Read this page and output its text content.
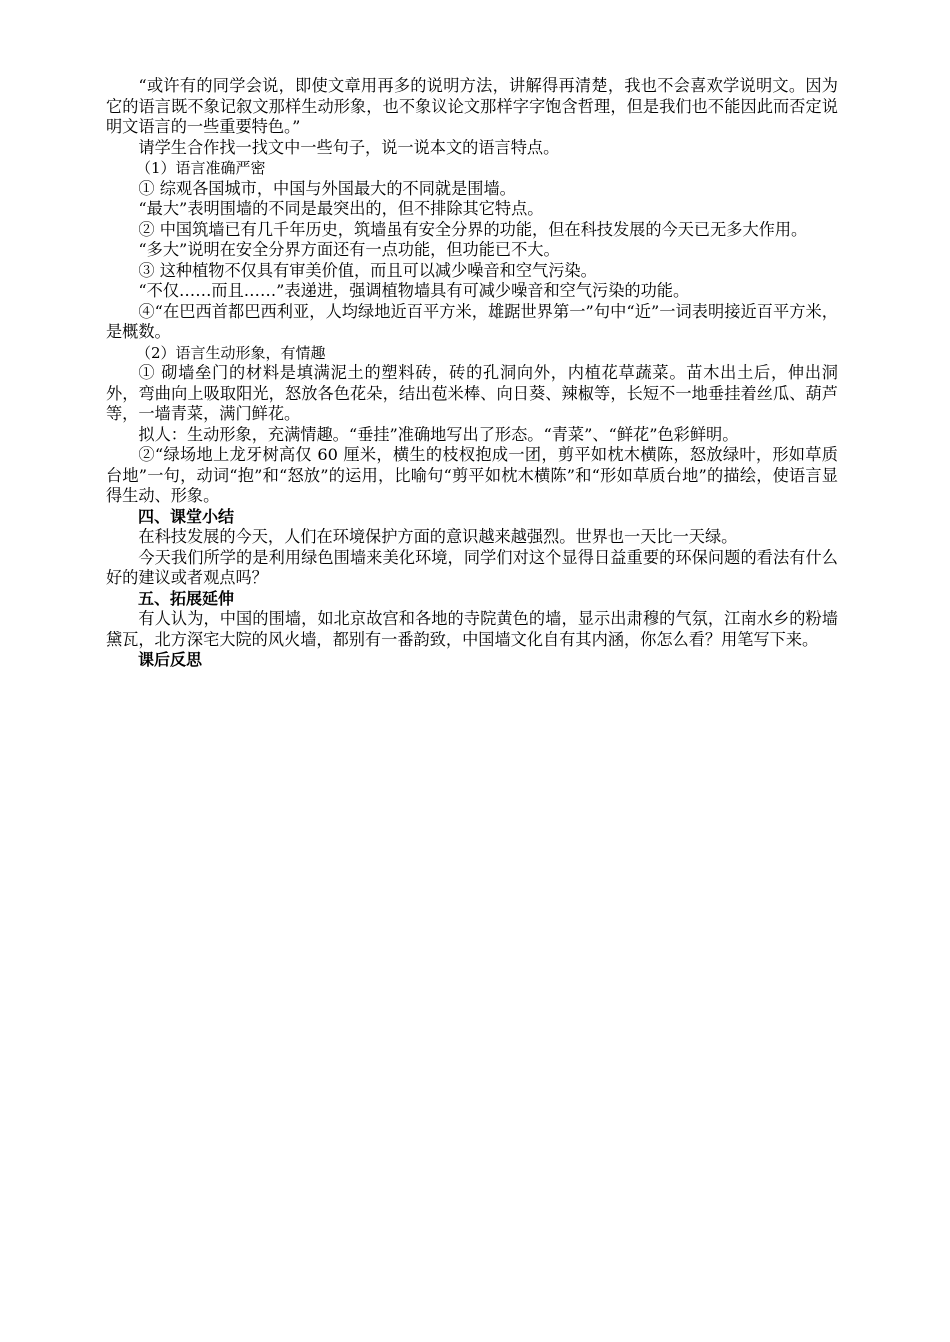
“或许有的同学会说，即使文章用再多的说明方法，讲解得再清楚，我也不会喜欢学说明文。因为它的语言既不象记叙文那样生动形象，也不象议论文那样字字饱含哲理，但是我们也不能因此而否定说明文语言的一些重要特色。”

请学生合作找一找文中一些句子，说一说本文的语言特点。

（1）语言准确严密

① 综观各国城市，中国与外国最大的不同就是围墙。

“最大”表明围墙的不同是最突出的，但不排除其它特点。

② 中国筑墙已有几千年历史，筑墙虽有安全分界的功能，但在科技发展的今天已无多大作用。

“多大”说明在安全分界方面还有一点功能，但功能已不大。

③ 这种植物不仅具有审美价值，而且可以减少噪音和空气污染。

“不仅……而且……”表递进，强调植物墙具有可减少噪音和空气污染的功能。

④“在巴西首都巴西利亚，人均绿地近百平方米，雄踞世界第一”句中“近”一词表明接近百平方米，是概数。

（2）语言生动形象，有情趣

① 砌墙垒门的材料是填满泥土的塑料砖，砖的孔洞向外，内植花草蔬菜。苗木出土后，伸出洞外，弯曲向上吸取阳光，怒放各色花朵，结出苞米棒、向日葵、辣椒等，长短不一地垂挂着丝瓜、葫芦等，一墙青菜，满门鲜花。

拟人：生动形象，充满情趣。“垂挂”准确地写出了形态。“青菜”、“鲜花”色彩鲜明。

②“绿场地上龙牙树高仅 60 厘米，横生的枝杈抱成一团，剪平如枕木横陈，怒放绿叶，形如草质台地”一句，动词“抱”和“怒放”的运用，比喻句“剪平如枕木横陈”和“形如草质台地”的描绘，使语言显得生动、形象。

四、课堂小结

在科技发展的今天，人们在环境保护方面的意识越来越强烈。世界也一天比一天绿。

今天我们所学的是利用绿色围墙来美化环境，同学们对这个显得日益重要的环保问题的看法有什么好的建议或者观点吗？

五、拓展延伸

有人认为，中国的围墙，如北京故宫和各地的寺院黄色的墙，显示出肃穆的气氛，江南水乡的粉墙黛瓦，北方深宅大院的风火墙，都别有一番韵致，中国墙文化自有其内涵，你怎么看？用笔写下来。

课后反思
